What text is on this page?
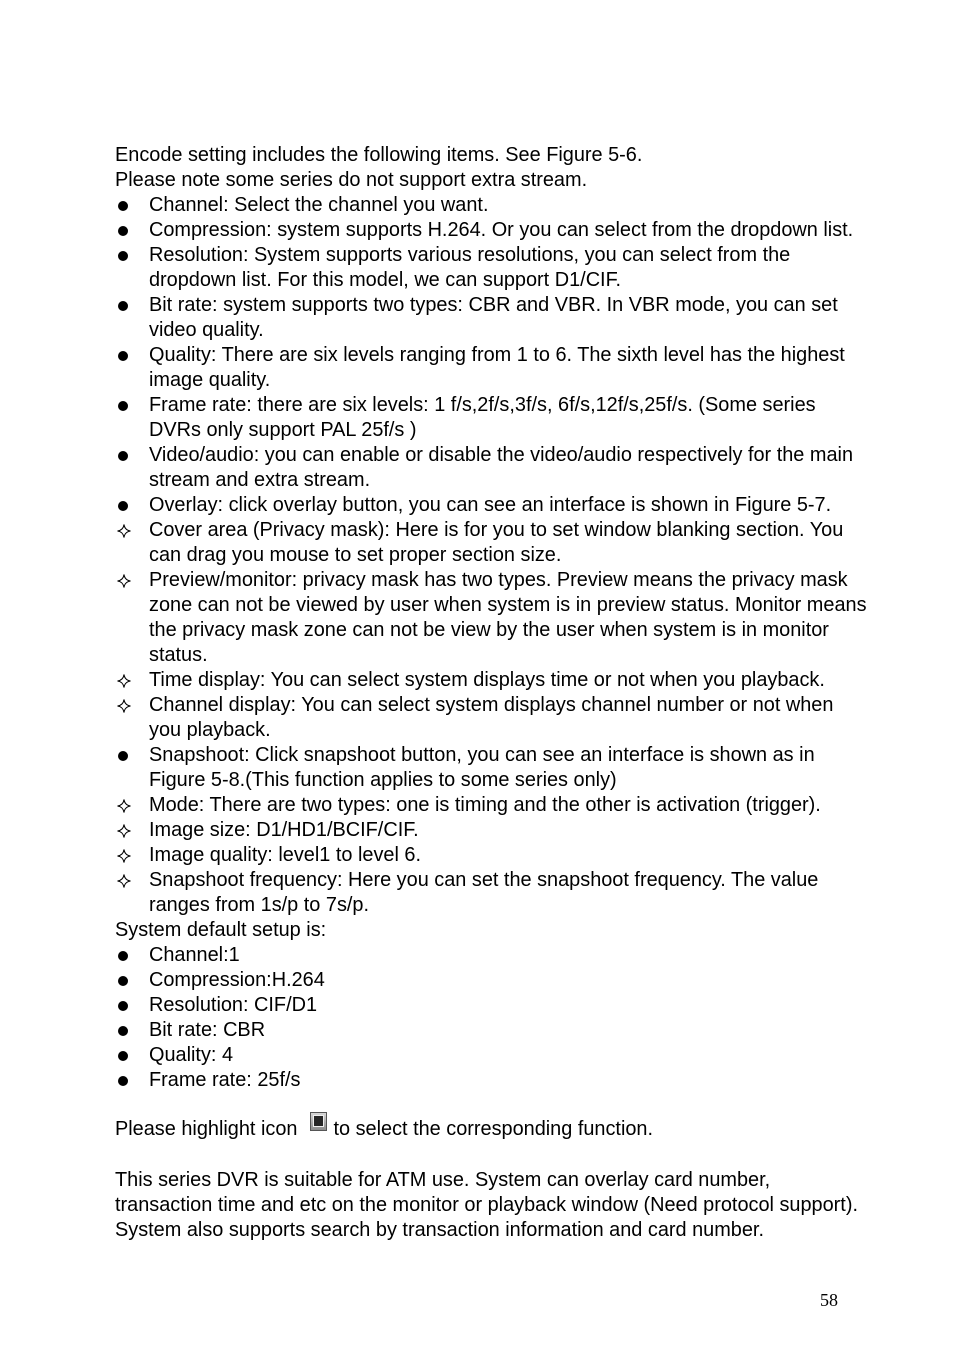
Encode setting includes the following items. See Figure 5-6.
Please note some series do not support extra stream.
Channel: Select the channel you want.
Compression: system supports H.264. Or you can select from the dropdown list.
Resolution: System supports various resolutions, you can select from the
dropdown list. For this model, we can support D1/CIF.
Bit rate: system supports two types: CBR and VBR. In VBR mode, you can set
video quality.
Quality: There are six levels ranging from 1 to 6. The sixth level has the highest
image quality.
Frame rate: there are six levels: 1 f/s,2f/s,3f/s, 6f/s,12f/s,25f/s. (Some series
DVRs only support PAL 25f/s )
Video/audio: you can enable or disable the video/audio respectively for the main
stream and extra stream.
Overlay: click overlay button, you can see an interface is shown in Figure 5-7.
Cover area (Privacy mask): Here is for you to set window blanking section. You
can drag you mouse to set proper section size.
Preview/monitor: privacy mask has two types. Preview means the privacy mask
zone can not be viewed by user when system is in preview status. Monitor means
the privacy mask zone can not be view by the user when system is in monitor
status.
Time display: You can select system displays time or not when you playback.
Channel display: You can select system displays channel number or not when
you playback.
Snapshoot: Click snapshoot button, you can see an interface is shown as in
Figure 5-8.(This function applies to some series only)
Mode: There are two types: one is timing and the other is activation (trigger).
Image size: D1/HD1/BCIF/CIF.
Image quality: level1 to level 6.
Snapshoot frequency: Here you can set the snapshoot frequency. The value
ranges from 1s/p to 7s/p.
System default setup is:
Channel:1
Compression:H.264
Resolution: CIF/D1
Bit rate: CBR
Quality: 4
Frame rate: 25f/s
Please highlight icon to select the corresponding function.
This series DVR is suitable for ATM use. System can overlay card number,
transaction time and etc on the monitor or playback window (Need protocol support).
System also supports search by transaction information and card number.
58
